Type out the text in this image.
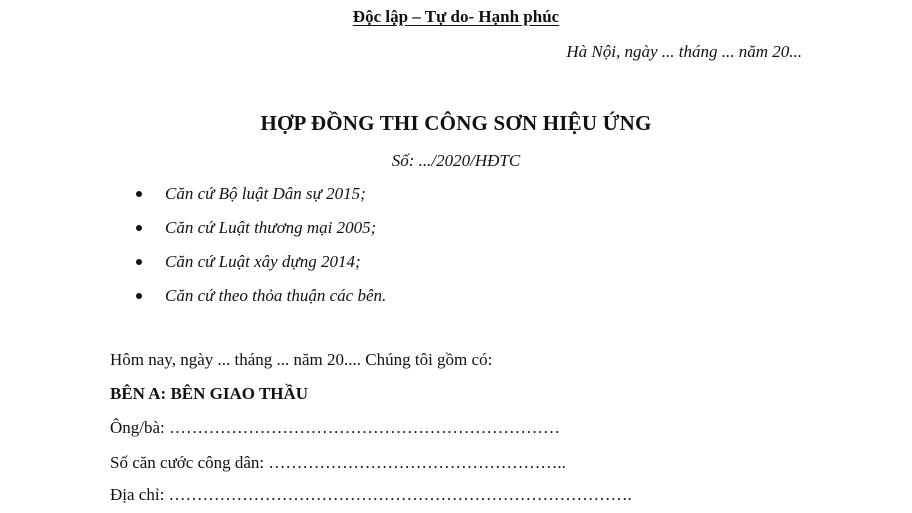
Độc lập – Tự do- Hạnh phúc
Hà Nội, ngày ... tháng ... năm 20...
HỢP ĐỒNG THI CÔNG SƠN HIỆU ỨNG
Số: .../2020/HĐTC
Căn cứ Bộ luật Dân sự 2015;
Căn cứ Luật thương mại 2005;
Căn cứ Luật xây dựng 2014;
Căn cứ theo thỏa thuận các bên.
Hôm nay, ngày ... tháng ... năm 20.... Chúng tôi gồm có:
BÊN A: BÊN GIAO THẦU
Ông/bà: ……………………………………………………………
Số căn cước công dân: ……………………………………………..
Địa chỉ: ……………………………………………………………………….
